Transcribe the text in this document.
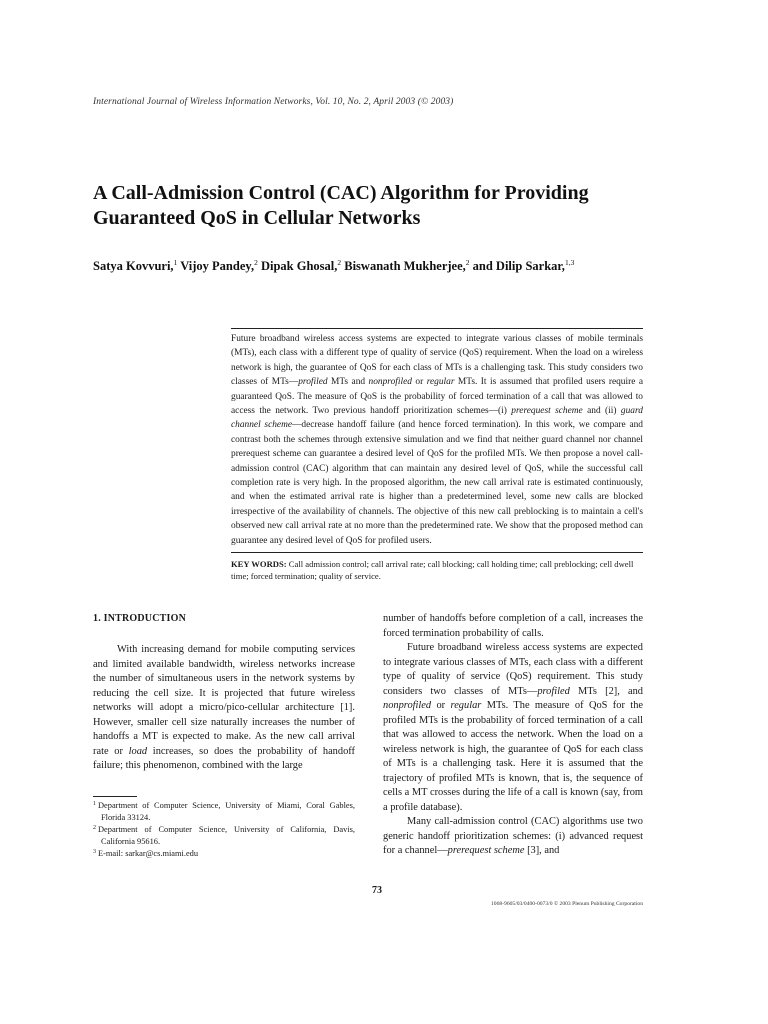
International Journal of Wireless Information Networks, Vol. 10, No. 2, April 2003 (© 2003)
A Call-Admission Control (CAC) Algorithm for Providing
Guaranteed QoS in Cellular Networks
Satya Kovvuri,$^1$ Vijoy Pandey,$^2$ Dipak Ghosal,$^2$ Biswanath Mukherjee,$^2$ and Dilip Sarkar,$^{1,3}$

Future broadband wireless access systems are expected to integrate various classes of mobile terminals (MTs), each class with a different type of quality of service (QoS) requirement. When the load on a wireless network is high, the guarantee of QoS for each class of MTs is a challenging task. This study considers two classes of MTs—profiled MTs and nonprofiled or regular MTs. It is assumed that profiled users require a guaranteed QoS. The measure of QoS is the probability of forced termination of a call that was allowed to access the network. Two previous handoff prioritization schemes—(i) prerequest scheme and (ii) guard channel scheme—decrease handoff failure (and hence forced termination). In this work, we compare and contrast both the schemes through extensive simulation and we find that neither guard channel nor channel prerequest scheme can guarantee a desired level of QoS for the profiled MTs. We then propose a novel call-admission control (CAC) algorithm that can maintain any desired level of QoS, while the successful call completion rate is very high. In the proposed algorithm, the new call arrival rate is estimated continuously, and when the estimated arrival rate is higher than a predetermined level, some new calls are blocked irrespective of the availability of channels. The objective of this new call preblocking is to maintain a cell's observed new call arrival rate at no more than the predetermined rate. We show that the proposed method can guarantee any desired level of QoS for profiled users.

KEY WORDS: Call admission control; call arrival rate; call blocking; call holding time; call preblocking; cell dwell time; forced termination; quality of service.
1. INTRODUCTION

With increasing demand for mobile computing services and limited available bandwidth, wireless networks increase the number of simultaneous users in the network systems by reducing the cell size. It is projected that future wireless networks will adopt a micro/pico-cellular architecture [1]. However, smaller cell size naturally increases the number of handoffs a MT is expected to make. As the new call arrival rate or load increases, so does the probability of handoff failure; this phenomenon, combined with the large

number of handoffs before completion of a call, increases the forced termination probability of calls.

Future broadband wireless access systems are expected to integrate various classes of MTs, each class with a different type of quality of service (QoS) requirement. This study considers two classes of MTs—profiled MTs [2], and nonprofiled or regular MTs. The measure of QoS for the profiled MTs is the probability of forced termination of a call that was allowed to access the network. When the load on a wireless network is high, the guarantee of QoS for each class of MTs is a challenging task. Here it is assumed that the trajectory of profiled MTs is known, that is, the sequence of cells a MT crosses during the life of a call is known (say, from a profile database).

Many call-admission control (CAC) algorithms use two generic handoff prioritization schemes: (i) advanced request for a channel—prerequest scheme [3], and

$^1$ Department of Computer Science, University of Miami, Coral Gables, Florida 33124.
$^2$ Department of Computer Science, University of California, Davis, California 95616.
$^3$ E-mail: sarkar@cs.miami.edu
73
1068-9605/03/0400-0073/0 © 2003 Plenum Publishing Corporation
